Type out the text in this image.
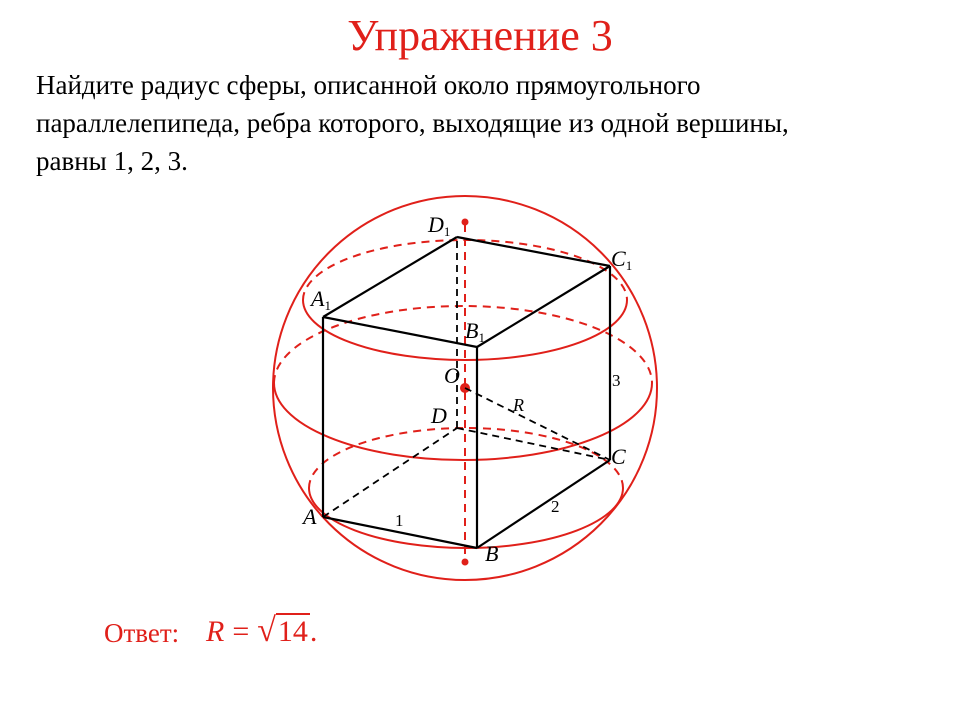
Упражнение 3

Найдите радиус сферы, описанной около прямоугольного
параллелепипеда, ребра которого, выходящие из одной вершины,
равны 1, 2, 3.

D1
C1
A1
B1
O
D
C
A
B
R
1
2
3
Ответ: R = √14.
